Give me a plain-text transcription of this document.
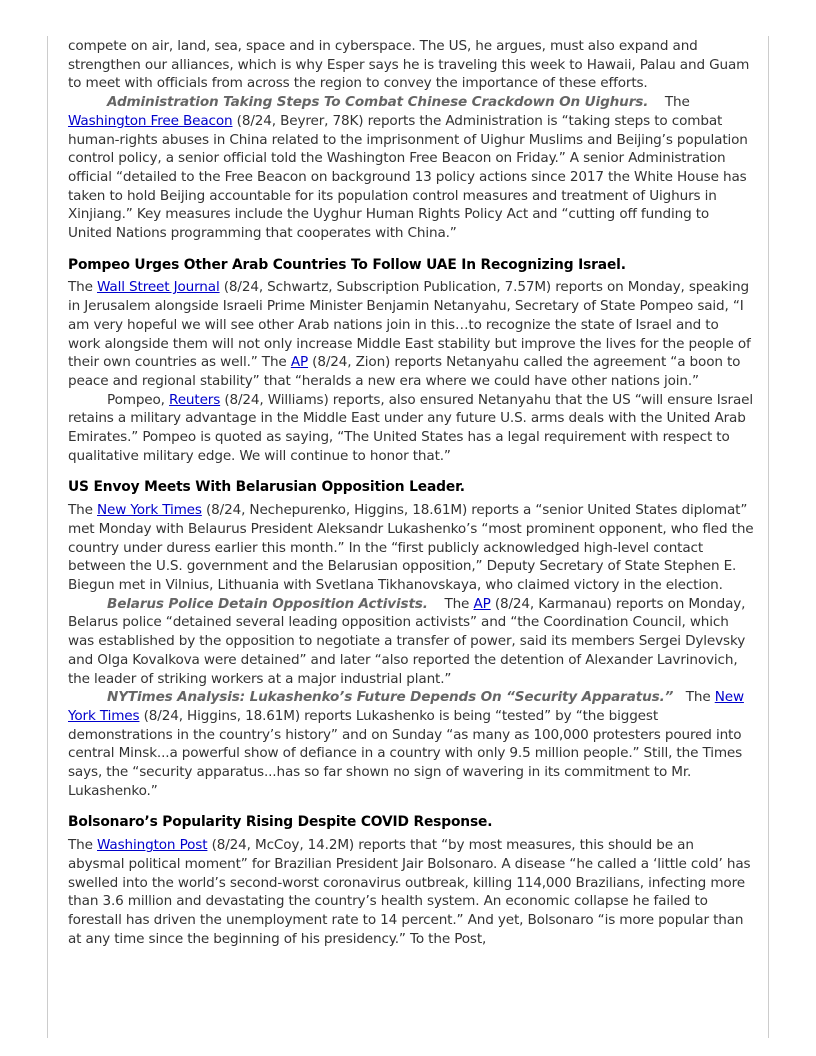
compete on air, land, sea, space and in cyberspace. The US, he argues, must also expand and strengthen our alliances, which is why Esper says he is traveling this week to Hawaii, Palau and Guam to meet with officials from across the region to convey the importance of these efforts.

Administration Taking Steps To Combat Chinese Crackdown On Uighurs. The Washington Free Beacon (8/24, Beyrer, 78K) reports the Administration is “taking steps to combat human-rights abuses in China related to the imprisonment of Uighur Muslims and Beijing’s population control policy, a senior official told the Washington Free Beacon on Friday.” A senior Administration official “detailed to the Free Beacon on background 13 policy actions since 2017 the White House has taken to hold Beijing accountable for its population control measures and treatment of Uighurs in Xinjiang.” Key measures include the Uyghur Human Rights Policy Act and “cutting off funding to United Nations programming that cooperates with China.”

Pompeo Urges Other Arab Countries To Follow UAE In Recognizing Israel.

The Wall Street Journal (8/24, Schwartz, Subscription Publication, 7.57M) reports on Monday, speaking in Jerusalem alongside Israeli Prime Minister Benjamin Netanyahu, Secretary of State Pompeo said, “I am very hopeful we will see other Arab nations join in this…to recognize the state of Israel and to work alongside them will not only increase Middle East stability but improve the lives for the people of their own countries as well.” The AP (8/24, Zion) reports Netanyahu called the agreement “a boon to peace and regional stability” that “heralds a new era where we could have other nations join.”

Pompeo, Reuters (8/24, Williams) reports, also ensured Netanyahu that the US “will ensure Israel retains a military advantage in the Middle East under any future U.S. arms deals with the United Arab Emirates.” Pompeo is quoted as saying, “The United States has a legal requirement with respect to qualitative military edge. We will continue to honor that.”

US Envoy Meets With Belarusian Opposition Leader.

The New York Times (8/24, Nechepurenko, Higgins, 18.61M) reports a “senior United States diplomat” met Monday with Belaurus President Aleksandr Lukashenko’s “most prominent opponent, who fled the country under duress earlier this month.” In the “first publicly acknowledged high-level contact between the U.S. government and the Belarusian opposition,” Deputy Secretary of State Stephen E. Biegun met in Vilnius, Lithuania with Svetlana Tikhanovskaya, who claimed victory in the election.

Belarus Police Detain Opposition Activists. The AP (8/24, Karmanau) reports on Monday, Belarus police “detained several leading opposition activists” and “the Coordination Council, which was established by the opposition to negotiate a transfer of power, said its members Sergei Dylevsky and Olga Kovalkova were detained” and later “also reported the detention of Alexander Lavrinovich, the leader of striking workers at a major industrial plant.”

NYTimes Analysis: Lukashenko’s Future Depends On “Security Apparatus.” The New York Times (8/24, Higgins, 18.61M) reports Lukashenko is being “tested” by “the biggest demonstrations in the country’s history” and on Sunday “as many as 100,000 protesters poured into central Minsk...a powerful show of defiance in a country with only 9.5 million people.” Still, the Times says, the “security apparatus...has so far shown no sign of wavering in its commitment to Mr. Lukashenko.”

Bolsonaro’s Popularity Rising Despite COVID Response.

The Washington Post (8/24, McCoy, 14.2M) reports that “by most measures, this should be an abysmal political moment” for Brazilian President Jair Bolsonaro. A disease “he called a ‘little cold’ has swelled into the world’s second-worst coronavirus outbreak, killing 114,000 Brazilians, infecting more than 3.6 million and devastating the country’s health system. An economic collapse he failed to forestall has driven the unemployment rate to 14 percent.” And yet, Bolsonaro “is more popular than at any time since the beginning of his presidency.” To the Post,
